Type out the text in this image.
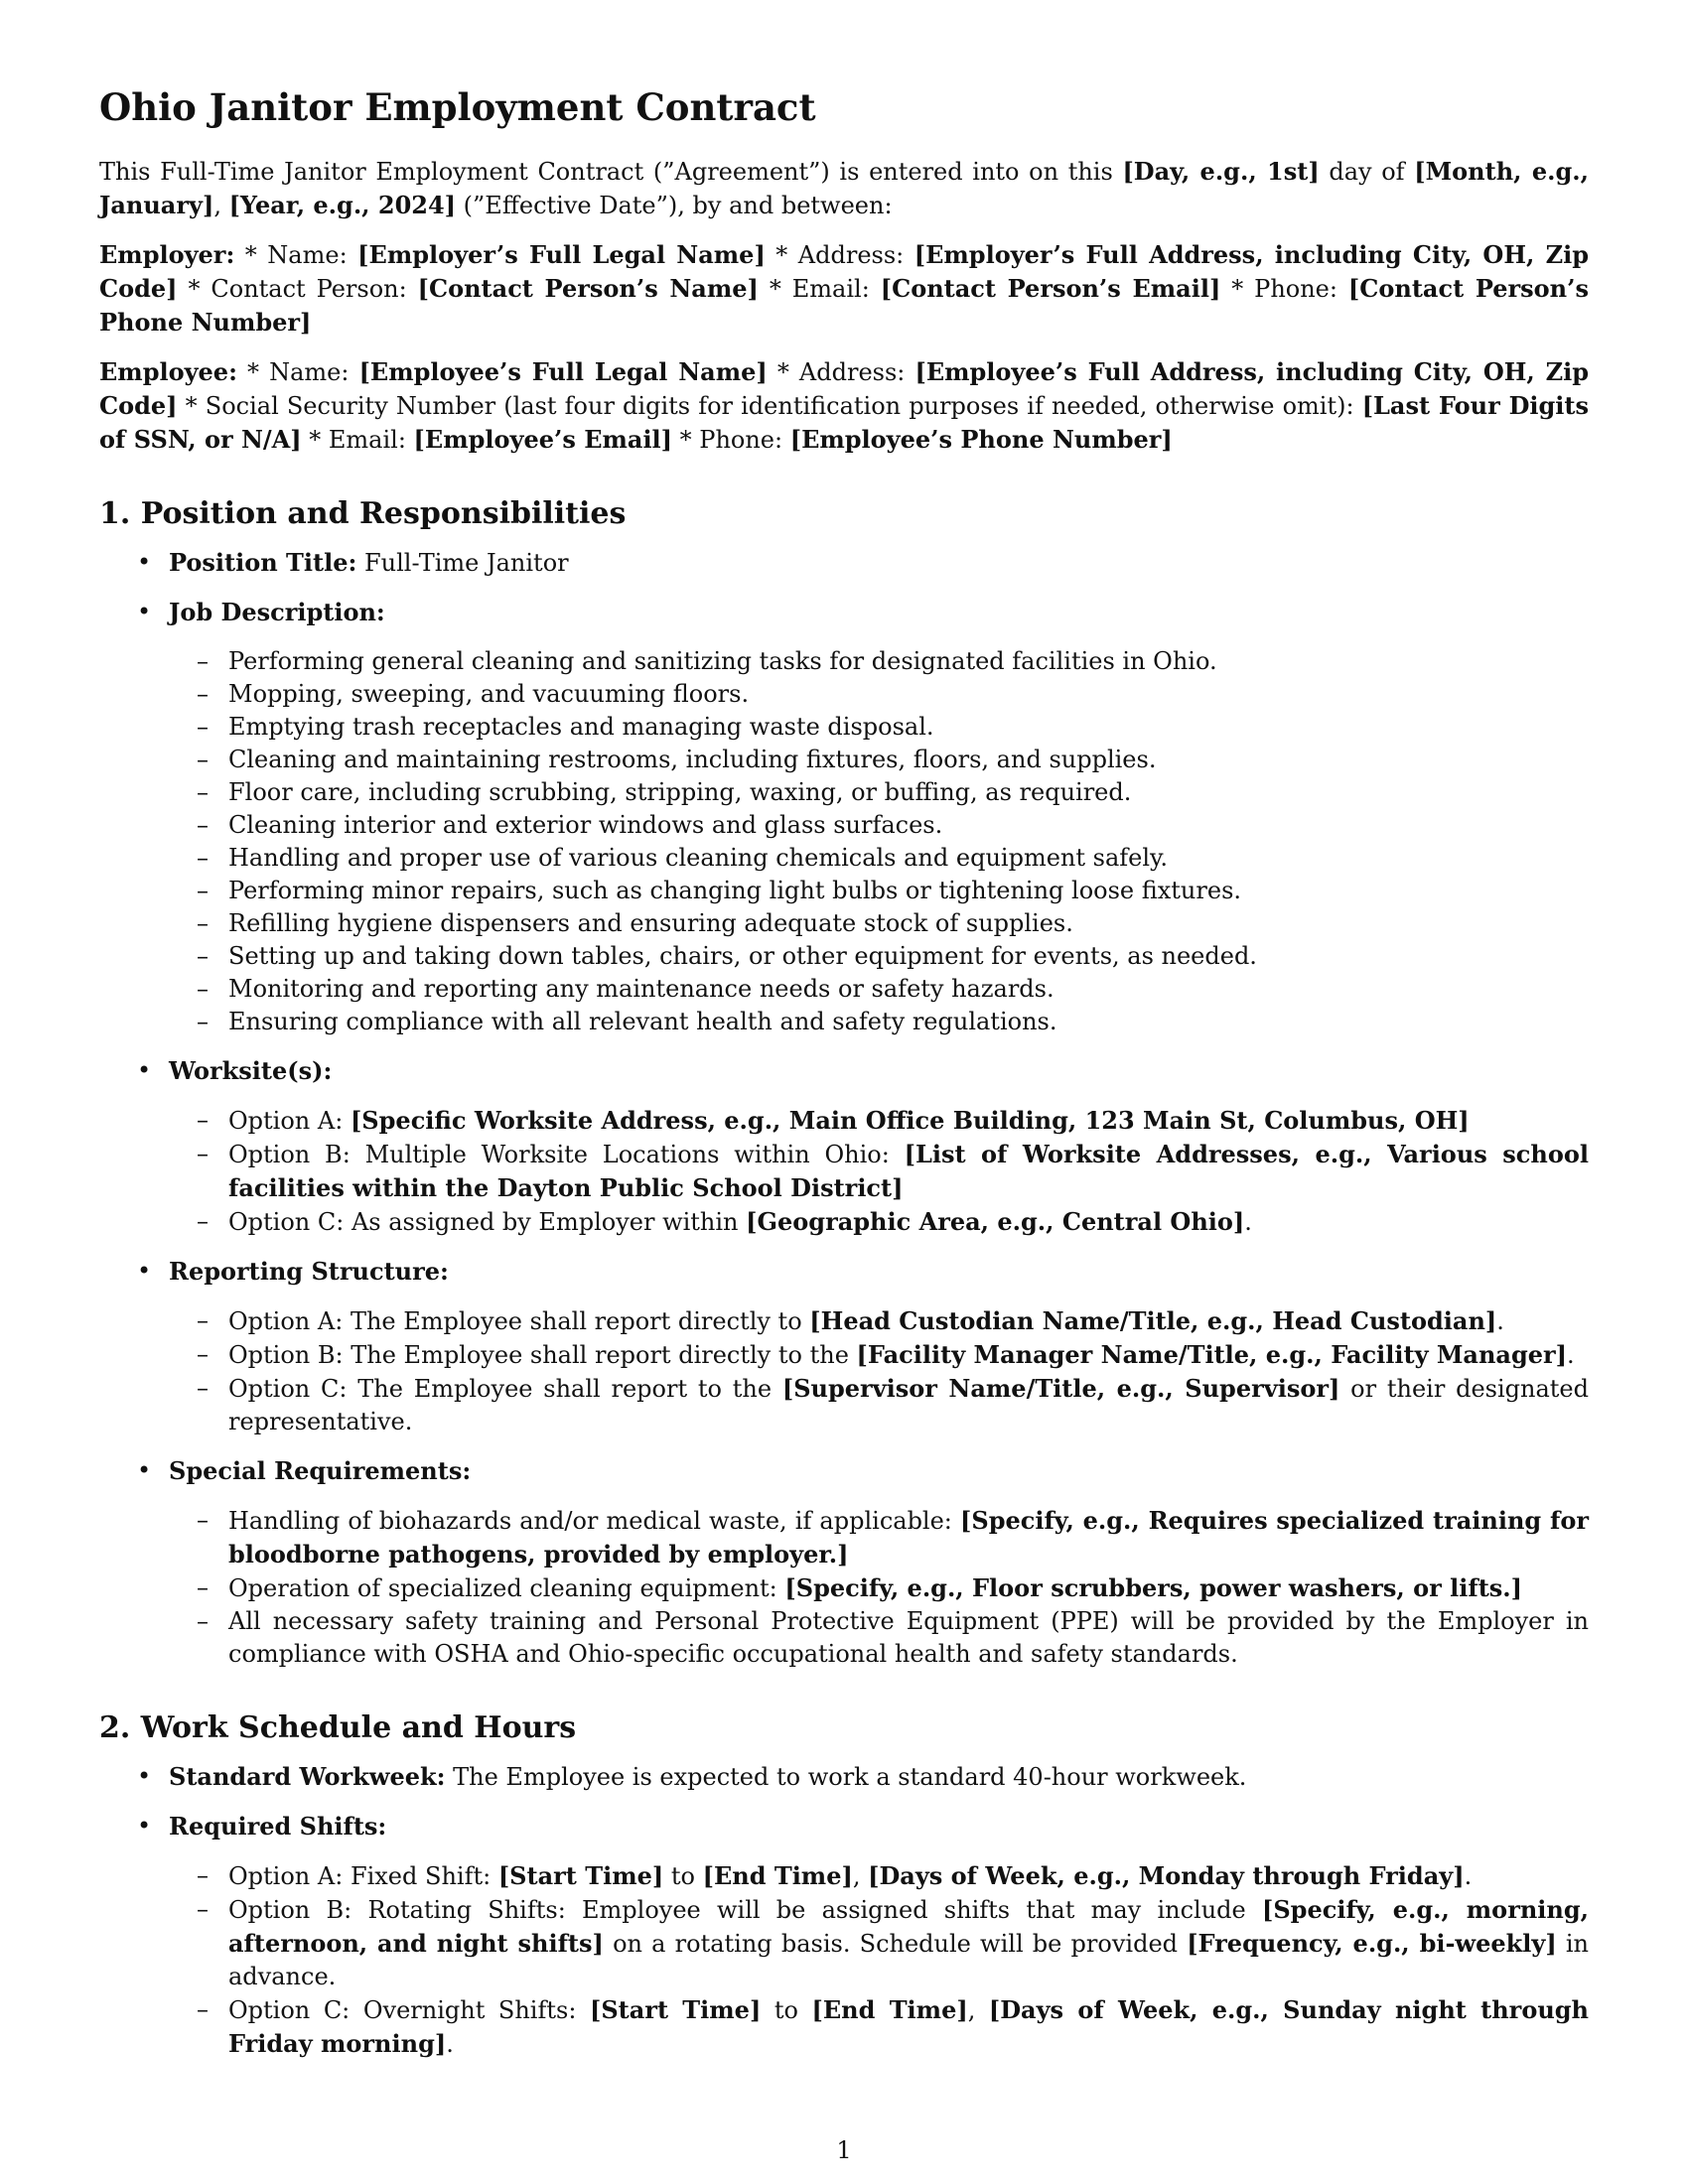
Ohio Janitor Employment Contract

This Full-Time Janitor Employment Contract (”Agreement”) is entered into on this [Day, e.g., 1st] day of [Month, e.g., January], [Year, e.g., 2024] (”Effective Date”), by and between:

Employer: * Name: [Employer’s Full Legal Name] * Address: [Employer’s Full Address, including City, OH, Zip Code] * Contact Person: [Contact Person’s Name] * Email: [Contact Person’s Email] * Phone: [Contact Person’s Phone Number]

Employee: * Name: [Employee’s Full Legal Name] * Address: [Employee’s Full Address, including City, OH, Zip Code] * Social Security Number (last four digits for identification purposes if needed, otherwise omit): [Last Four Digits of SSN, or N/A] * Email: [Employee’s Email] * Phone: [Employee’s Phone Number]

1. Position and Responsibilities
• Position Title: Full-Time Janitor
• Job Description:
– Performing general cleaning and sanitizing tasks for designated facilities in Ohio.
– Mopping, sweeping, and vacuuming floors.
– Emptying trash receptacles and managing waste disposal.
– Cleaning and maintaining restrooms, including fixtures, floors, and supplies.
– Floor care, including scrubbing, stripping, waxing, or buffing, as required.
– Cleaning interior and exterior windows and glass surfaces.
– Handling and proper use of various cleaning chemicals and equipment safely.
– Performing minor repairs, such as changing light bulbs or tightening loose fixtures.
– Refilling hygiene dispensers and ensuring adequate stock of supplies.
– Setting up and taking down tables, chairs, or other equipment for events, as needed.
– Monitoring and reporting any maintenance needs or safety hazards.
– Ensuring compliance with all relevant health and safety regulations.
• Worksite(s):
– Option A: [Specific Worksite Address, e.g., Main Office Building, 123 Main St, Columbus, OH]
– Option B: Multiple Worksite Locations within Ohio: [List of Worksite Addresses, e.g., Various school facilities within the Dayton Public School District]
– Option C: As assigned by Employer within [Geographic Area, e.g., Central Ohio].
• Reporting Structure:
– Option A: The Employee shall report directly to [Head Custodian Name/Title, e.g., Head Custodian].
– Option B: The Employee shall report directly to the [Facility Manager Name/Title, e.g., Facility Manager].
– Option C: The Employee shall report to the [Supervisor Name/Title, e.g., Supervisor] or their designated representative.
• Special Requirements:
– Handling of biohazards and/or medical waste, if applicable: [Specify, e.g., Requires specialized training for bloodborne pathogens, provided by employer.]
– Operation of specialized cleaning equipment: [Specify, e.g., Floor scrubbers, power washers, or lifts.]
– All necessary safety training and Personal Protective Equipment (PPE) will be provided by the Employer in compliance with OSHA and Ohio-specific occupational health and safety standards.
2. Work Schedule and Hours
• Standard Workweek: The Employee is expected to work a standard 40-hour workweek.
• Required Shifts:
– Option A: Fixed Shift: [Start Time] to [End Time], [Days of Week, e.g., Monday through Friday].
– Option B: Rotating Shifts: Employee will be assigned shifts that may include [Specify, e.g., morning, afternoon, and night shifts] on a rotating basis. Schedule will be provided [Frequency, e.g., bi-weekly] in advance.
– Option C: Overnight Shifts: [Start Time] to [End Time], [Days of Week, e.g., Sunday night through Friday morning].
1
